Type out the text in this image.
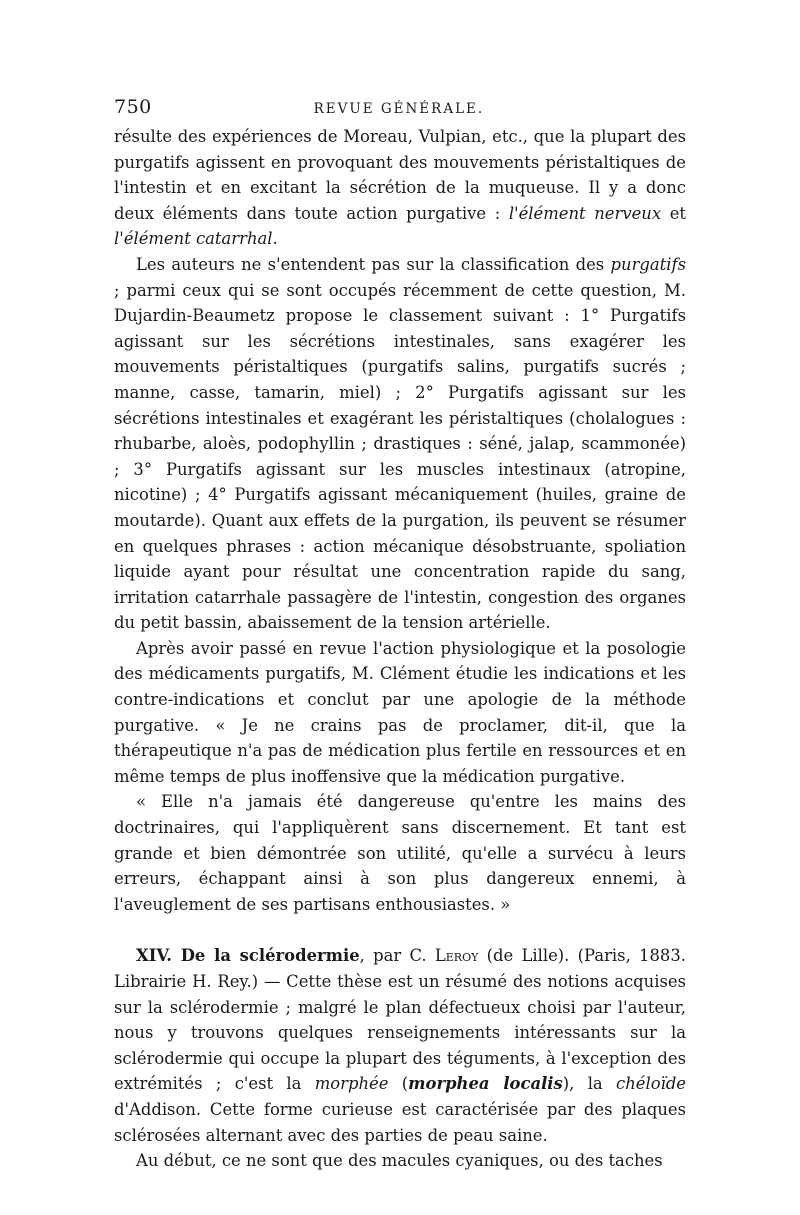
750	REVUE GÉNÉRALE.

résulte des expériences de Moreau, Vulpian, etc., que la plupart des purgatifs agissent en provoquant des mouvements péristaltiques de l'intestin et en excitant la sécrétion de la muqueuse. Il y a donc deux éléments dans toute action purgative : l'élément nerveux et l'élément catarrhal.

Les auteurs ne s'entendent pas sur la classification des purgatifs ; parmi ceux qui se sont occupés récemment de cette question, M. Dujardin-Beaumetz propose le classement suivant : 1° Purgatifs agissant sur les sécrétions intestinales, sans exagérer les mouvements péristaltiques (purgatifs salins, purgatifs sucrés ; manne, casse, tamarin, miel) ; 2° Purgatifs agissant sur les sécrétions intestinales et exagérant les péristaltiques (cholalogues : rhubarbe, aloès, podophyllin ; drastiques : séné, jalap, scammonée) ; 3° Purgatifs agissant sur les muscles intestinaux (atropine, nicotine) ; 4° Purgatifs agissant mécaniquement (huiles, graine de moutarde). Quant aux effets de la purgation, ils peuvent se résumer en quelques phrases : action mécanique désobstruante, spoliation liquide ayant pour résultat une concentration rapide du sang, irritation catarrhale passagère de l'intestin, congestion des organes du petit bassin, abaissement de la tension artérielle.

Après avoir passé en revue l'action physiologique et la posologie des médicaments purgatifs, M. Clément étudie les indications et les contre-indications et conclut par une apologie de la méthode purgative. « Je ne crains pas de proclamer, dit-il, que la thérapeutique n'a pas de médication plus fertile en ressources et en même temps de plus inoffensive que la médication purgative.

« Elle n'a jamais été dangereuse qu'entre les mains des doctrinaires, qui l'appliquèrent sans discernement. Et tant est grande et bien démontrée son utilité, qu'elle a survécu à leurs erreurs, échappant ainsi à son plus dangereux ennemi, à l'aveuglement de ses partisans enthousiastes. »

XIV. De la sclérodermie, par C. Leroy (de Lille). (Paris, 1883. Librairie H. Rey.) — Cette thèse est un résumé des notions acquises sur la sclérodermie ; malgré le plan défectueux choisi par l'auteur, nous y trouvons quelques renseignements intéressants sur la sclérodermie qui occupe la plupart des téguments, à l'exception des extrémités ; c'est la morphée (morphea localis), la chéloïde d'Addison. Cette forme curieuse est caractérisée par des plaques sclérosées alternant avec des parties de peau saine.

Au début, ce ne sont que des macules cyaniques, ou des taches
